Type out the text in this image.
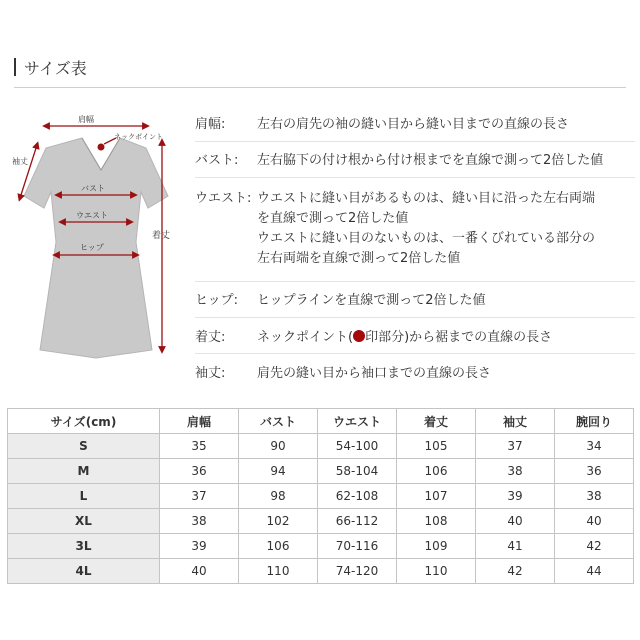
サイズ表
肩幅
ネックポイント
袖丈
バスト
ウエスト
ヒップ
着丈
肩幅: 左右の肩先の袖の縫い目から縫い目までの直線の長さ
バスト: 左右脇下の付け根から付け根までを直線で測って2倍した値
ウエスト: ウエストに縫い目があるものは、縫い目に沿った左右両端
を直線で測って2倍した値
ウエストに縫い目のないものは、一番くびれている部分の
左右両端を直線で測って2倍した値
ヒップ: ヒップラインを直線で測って2倍した値
着丈: ネックポイント( 印部分)から裾までの直線の長さ
袖丈: 肩先の縫い目から袖口までの直線の長さ
サイズ(cm)	肩幅	バスト	ウエスト	着丈	袖丈	腕回り
S	35	90	54-100	105	37	34
M	36	94	58-104	106	38	36
L	37	98	62-108	107	39	38
XL	38	102	66-112	108	40	40
3L	39	106	70-116	109	41	42
4L	40	110	74-120	110	42	44
